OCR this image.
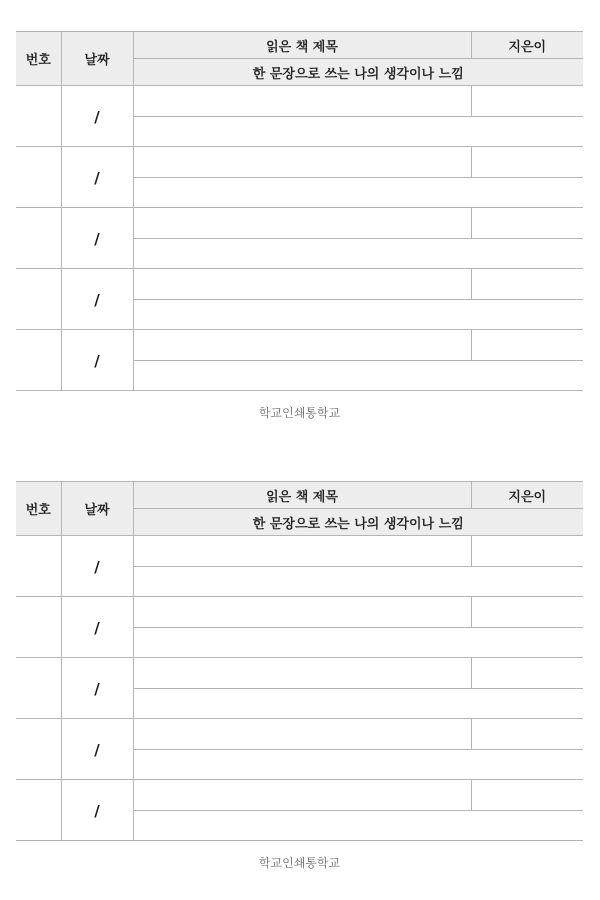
번호	날짜	읽은 책 제목	지은이
		한 문장으로 쓰는 나의 생각이나 느낌	
	/		

	/		

	/		

	/		

	/		

학교인쇄통학교
번호	날짜	읽은 책 제목	지은이
		한 문장으로 쓰는 나의 생각이나 느낌	
	/		

	/		

	/		

	/		

	/		

학교인쇄통학교
